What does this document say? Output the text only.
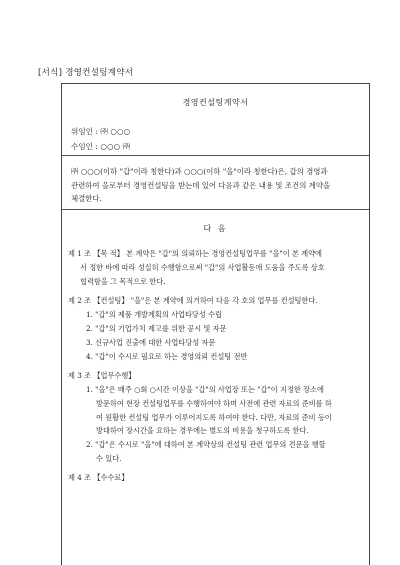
[서식] 경영컨설팅계약서
경영컨설팅계약서
위임인 : ㈜ ○○○
수임인 : ○○○ ㈜
㈜ ○○○(이하 "갑"이라 칭한다)과 ○○○(이하 "을"이라 칭한다)은, 갑의 경영과
관련하여 을로부터 경영컨설팅을 받는데 있어 다음과 같은 내용 및 조건의 계약을
체결한다.
다 음

제 1 조 【목 적】 본 계약은 "갑"의 의뢰하는 경영컨설팅업무를 "을"이 본 계약에

서 정한 바에 따라 성실히 수행함으로써 "갑"의 사업활동에 도움을 주도록 상호

협력함을 그 목적으로 한다.

제 2 조 【컨설팅】 "을"은 본 계약에 의거하여 다음 각 호의 업무를 컨설팅한다.

1. "갑"의 제품 개발계획의 사업타당성 수립

2. "갑"의 기업가치 제고를 위한 공시 및 자문

3. 신규사업 진출에 대한 사업타당성 자문

4. "갑"이 수시로 필요로 하는 경영의뢰 컨설팅 전반

제 3 조 【업무수행】

1. "을"은 매주 ○회 ○시간 이상을 "갑"의 사업장 또는 "갑"이 지정한 장소에

방문하여 현장 컨설팅업무를 수행하여야 하며 사전에 관련 자료의 준비를 하

여 원활한 컨설팅 업무가 이루어지도록 하여야 한다. 다만, 자료의 준비 등이

방대하여 장시간을 요하는 경우에는 별도의 비용을 청구하도록 한다.

2. "갑"은 수시로 "을"에 대하여 본 계약상의 컨설팅 관련 업무의 견문을 행할

수 있다.

제 4 조 【수수료】
